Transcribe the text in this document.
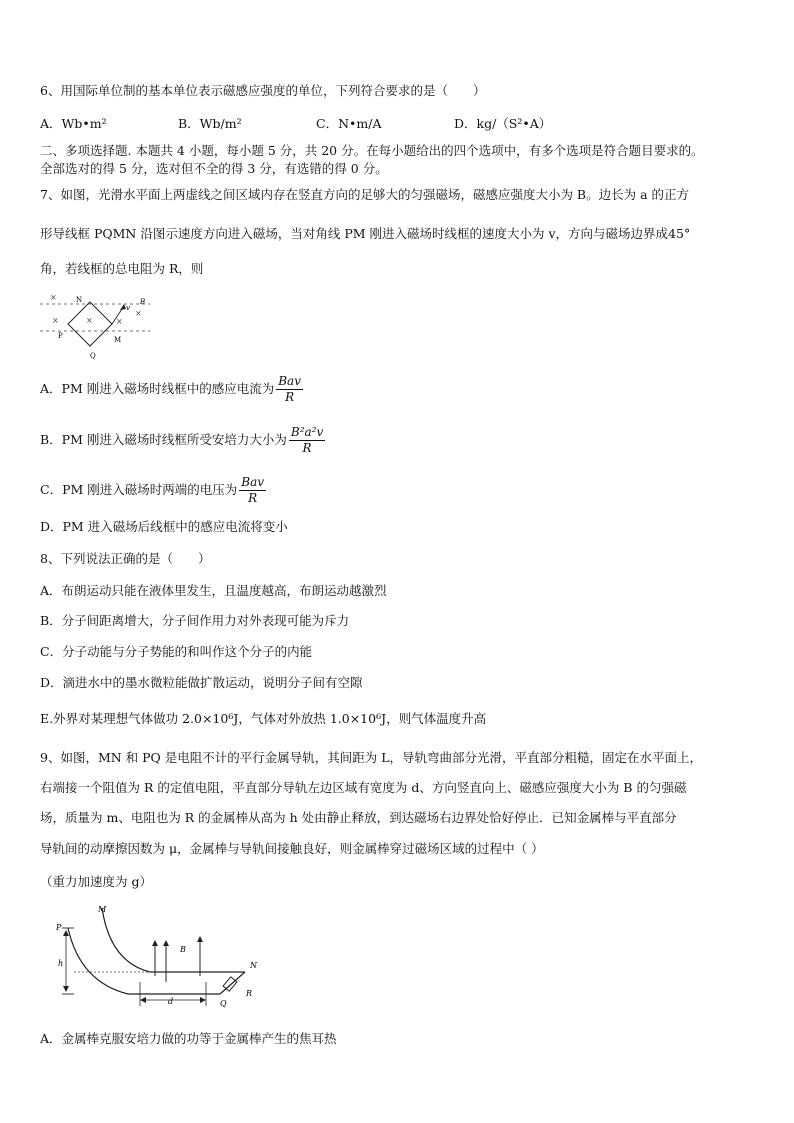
6、用国际单位制的基本单位表示磁感应强度的单位，下列符合要求的是（　　）
A．Wb•m²	B．Wb/m²	C．N•m/A	D．kg/（S²•A）
二、多项选择题. 本题共 4 小题，每小题 5 分，共 20 分。在每小题给出的四个选项中，有多个选项是符合题目要求的。
全部选对的得 5 分，选对但不全的得 3 分，有选错的得 0 分。
7、如图，光滑水平面上两虚线之间区域内存在竖直方向的足够大的匀强磁场，磁感应强度大小为 B。边长为 a 的正方
形导线框 PQMN 沿图示速度方向进入磁场，当对角线 PM 刚进入磁场时线框的速度大小为 v，方向与磁场边界成45°
角，若线框的总电阻为 R，则
×
×	×	×
×
N
M
P
Q
v
B
A．PM 刚进入磁场时线框中的感应电流为 $\frac{\text{Bav}}{R}$
B．PM 刚进入磁场时线框所受安培力大小为 $\frac{\text{B²a²v}}{R}$
C．PM 刚进入磁场时两端的电压为 $\frac{\text{Bav}}{R}$
D．PM 进入磁场后线框中的感应电流将变小
8、下列说法正确的是（　　）
A．布朗运动只能在液体里发生，且温度越高，布朗运动越激烈
B．分子间距离增大，分子间作用力对外表现可能为斥力
C．分子动能与分子势能的和叫作这个分子的内能
D．滴进水中的墨水微粒能做扩散运动，说明分子间有空隙
E.外界对某理想气体做功 2.0×10⁶J，气体对外放热 1.0×10⁶J，则气体温度升高
9、如图，MN 和 PQ 是电阻不计的平行金属导轨，其间距为 L，导轨弯曲部分光滑，平直部分粗糙，固定在水平面上，
右端接一个阻值为 R 的定值电阻，平直部分导轨左边区域有宽度为 d、方向竖直向上、磁感应强度大小为 B 的匀强磁
场，质量为 m、电阻也为 R 的金属棒从高为 h 处由静止释放，到达磁场右边界处恰好停止．已知金属棒与平直部分
导轨间的动摩擦因数为 μ，金属棒与导轨间接触良好，则金属棒穿过磁场区域的过程中（ ）
（重力加速度为 g）
M
P
h
B
d
N
Q
R
A．金属棒克服安培力做的功等于金属棒产生的焦耳热
